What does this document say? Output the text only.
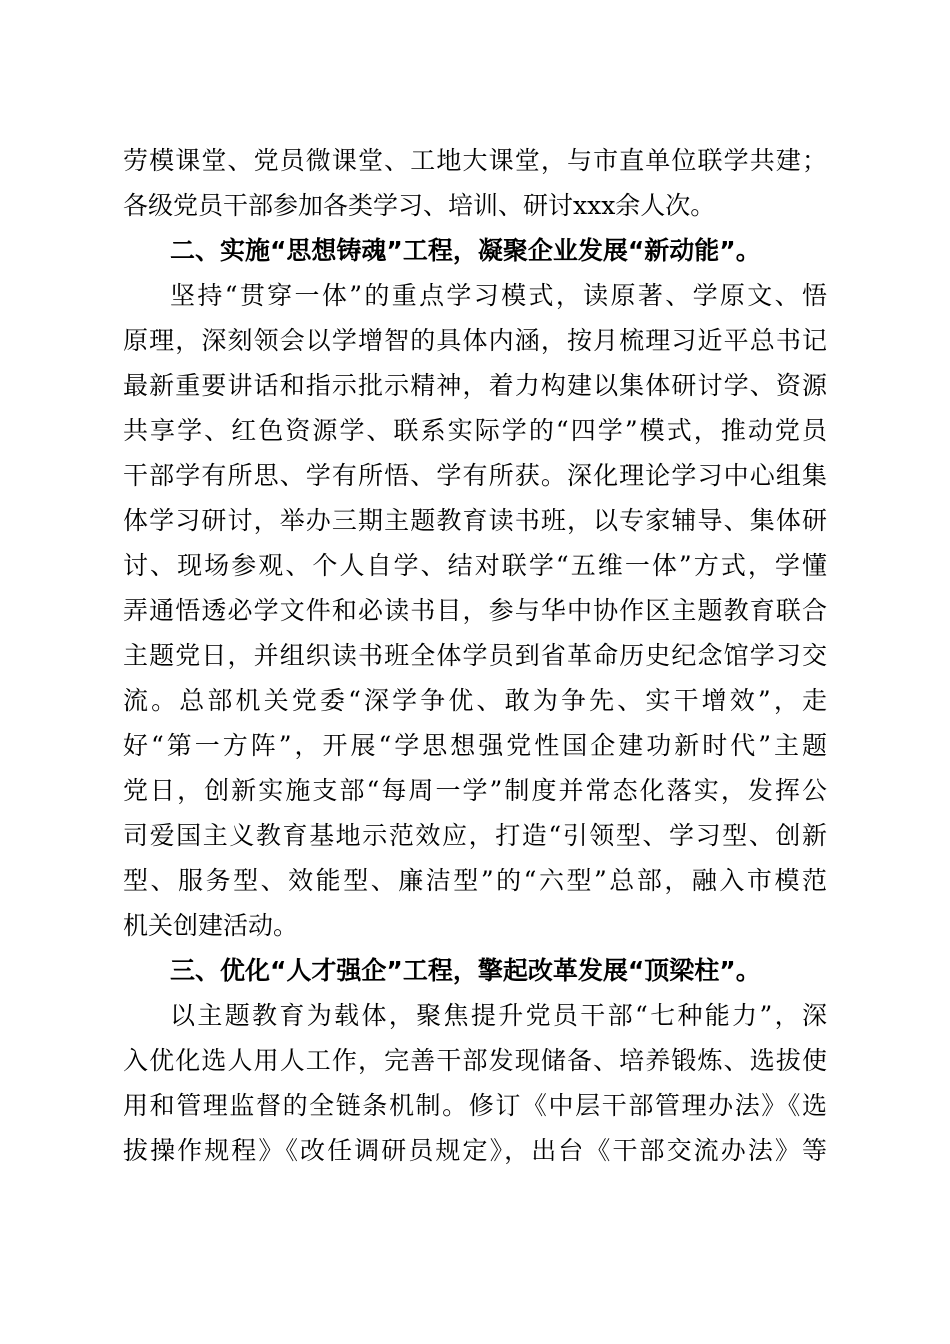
劳模课堂、党员微课堂、工地大课堂，与市直单位联学共建；
各级党员干部参加各类学习、培训、研讨xxx余人次。
二、实施“思想铸魂”工程，凝聚企业发展“新动能”。
坚持“贯穿一体”的重点学习模式，读原著、学原文、悟
原理，深刻领会以学增智的具体内涵，按月梳理习近平总书记
最新重要讲话和指示批示精神，着力构建以集体研讨学、资源
共享学、红色资源学、联系实际学的“四学”模式，推动党员
干部学有所思、学有所悟、学有所获。深化理论学习中心组集
体学习研讨，举办三期主题教育读书班，以专家辅导、集体研
讨、现场参观、个人自学、结对联学“五维一体”方式，学懂
弄通悟透必学文件和必读书目，参与华中协作区主题教育联合
主题党日，并组织读书班全体学员到省革命历史纪念馆学习交
流。总部机关党委“深学争优、敢为争先、实干增效”，走
好“第一方阵”，开展“学思想强党性国企建功新时代”主题
党日，创新实施支部“每周一学”制度并常态化落实，发挥公
司爱国主义教育基地示范效应，打造“引领型、学习型、创新
型、服务型、效能型、廉洁型”的“六型”总部，融入市模范
机关创建活动。
三、优化“人才强企”工程，擎起改革发展“顶梁柱”。
以主题教育为载体，聚焦提升党员干部“七种能力”，深
入优化选人用人工作，完善干部发现储备、培养锻炼、选拔使
用和管理监督的全链条机制。修订《中层干部管理办法》《选
拔操作规程》《改任调研员规定》，出台《干部交流办法》等
